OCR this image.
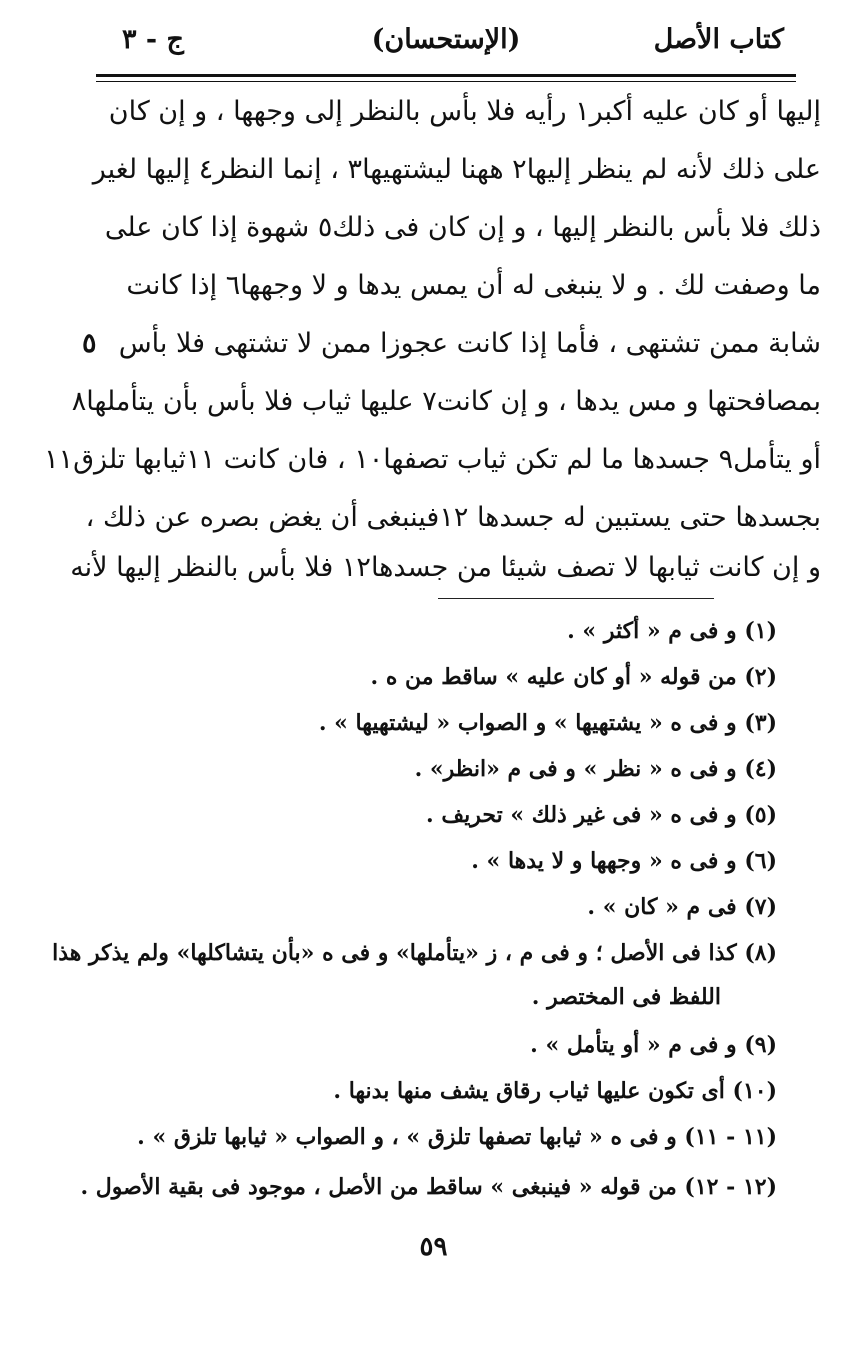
كتاب الأصل
(الإستحسان)
ج - ٣
إليها أو كان عليه أكبر١ رأيه فلا بأس بالنظر إلى وجهها ، و إن كان
على ذلك لأنه لم ينظر إليها٢ ههنا ليشتهيها٣ ، إنما النظر٤ إليها لغير
ذلك فلا بأس بالنظر إليها ، و إن كان فى ذلك٥ شهوة إذا كان على
ما وصفت لك . و لا ينبغى له أن يمس يدها و لا وجهها٦ إذا كانت
شابة ممن تشتهى ، فأما إذا كانت عجوزا ممن لا تشتهى فلا بأس
٥
بمصافحتها و مس يدها ، و إن كانت٧ عليها ثياب فلا بأس بأن يتأملها٨
أو يتأمل٩ جسدها ما لم تكن ثياب تصفها١٠ ، فان كانت ١١ثيابها تلزق١١
بجسدها حتى يستبين له جسدها ١٢فينبغى أن يغض بصره عن ذلك ،
و إن كانت ثيابها لا تصف شيئا من جسدها١٢ فلا بأس بالنظر إليها لأنه
(١) و فى م « أكثر » .
(٢) من قوله « أو كان عليه » ساقط من ه .
(٣) و فى ه « يشتهيها » و الصواب « ليشتهيها » .
(٤) و فى ه « نظر » و فى م «انظر» .
(٥) و فى ه « فى غير ذلك » تحريف .
(٦) و فى ه « وجهها و لا يدها » .
(٧) فى م « كان » .
(٨) كذا فى الأصل ؛ و فى م ، ز «يتأملها» و فى ه «بأن يتشاكلها» ولم يذكر هذا
اللفظ فى المختصر .
(٩) و فى م « أو يتأمل » .
(١٠) أى تكون عليها ثياب رقاق يشف منها بدنها .
(١١ - ١١) و فى ه « ثيابها تصفها تلزق » ، و الصواب « ثيابها تلزق » .
(١٢ - ١٢) من قوله « فينبغى » ساقط من الأصل ، موجود فى بقية الأصول .
٥٩
